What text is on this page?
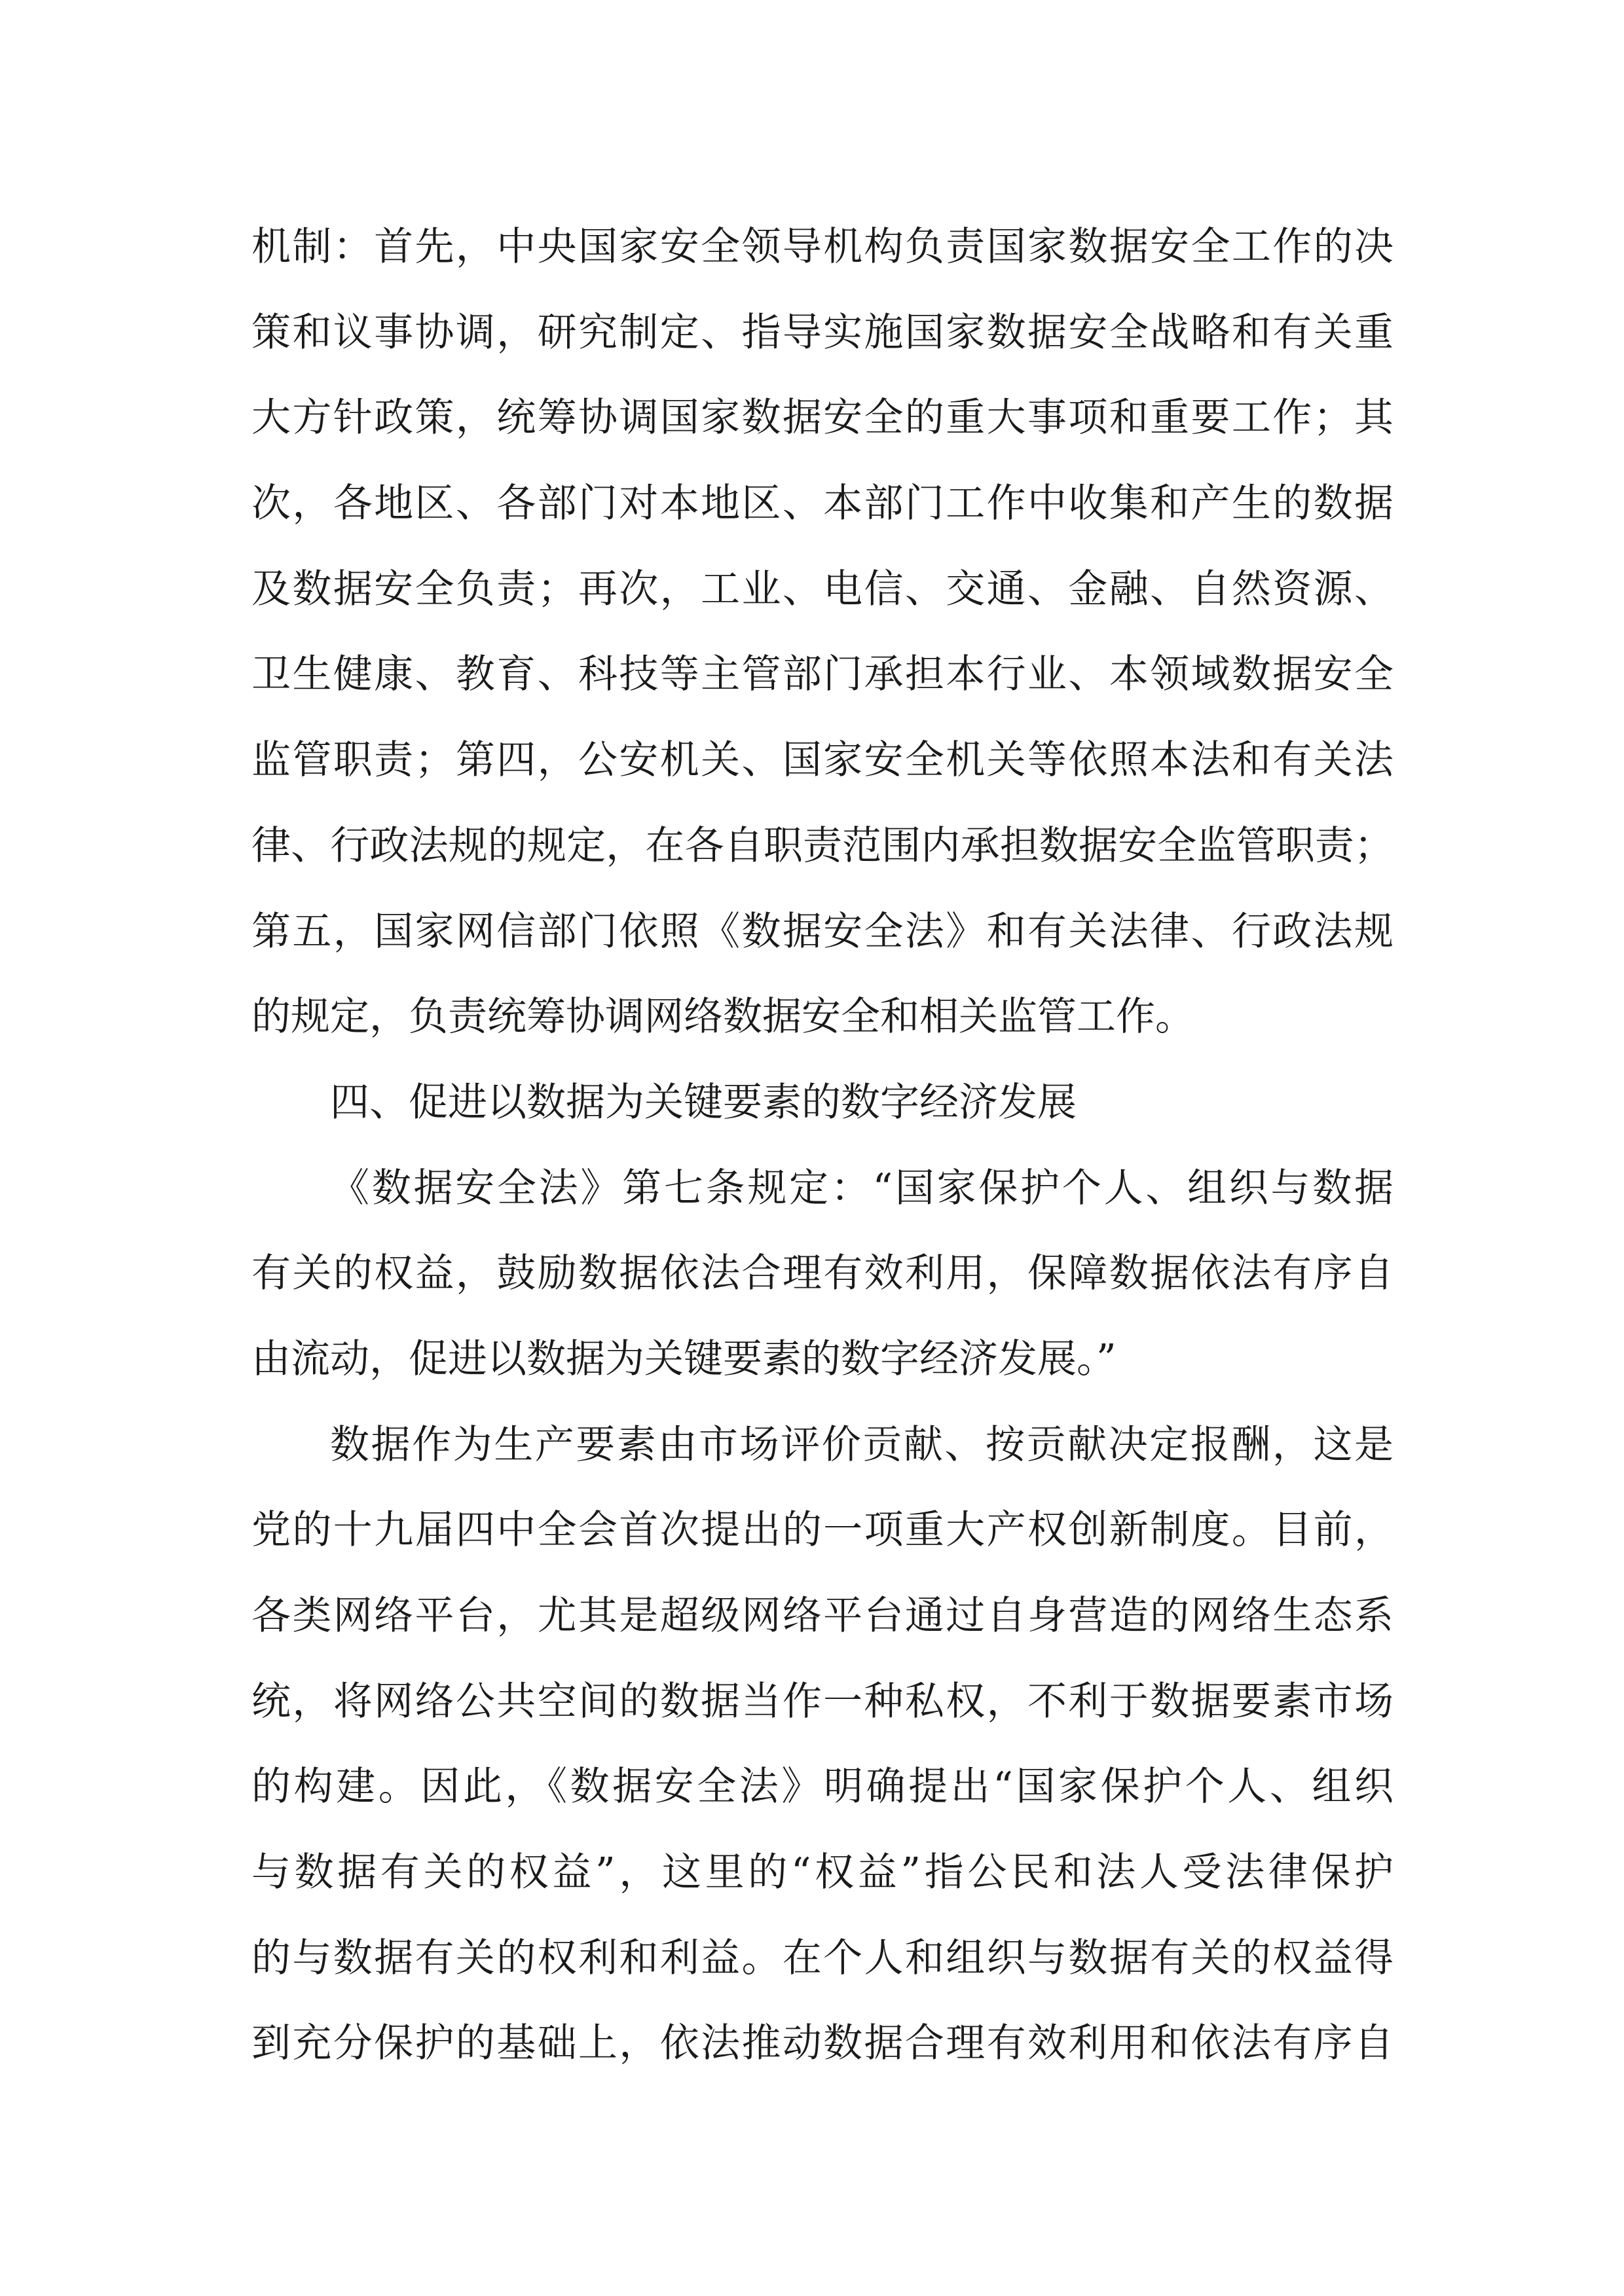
机制：首先，中央国家安全领导机构负责国家数据安全工作的决
策和议事协调，研究制定、指导实施国家数据安全战略和有关重
大方针政策，统筹协调国家数据安全的重大事项和重要工作；其
次，各地区、各部门对本地区、本部门工作中收集和产生的数据
及数据安全负责；再次，工业、电信、交通、金融、自然资源、
卫生健康、教育、科技等主管部门承担本行业、本领域数据安全
监管职责；第四，公安机关、国家安全机关等依照本法和有关法
律、行政法规的规定，在各自职责范围内承担数据安全监管职责；
第五，国家网信部门依照《数据安全法》和有关法律、行政法规
的规定，负责统筹协调网络数据安全和相关监管工作。
四、促进以数据为关键要素的数字经济发展
《数据安全法》第七条规定：“国家保护个人、组织与数据
有关的权益，鼓励数据依法合理有效利用，保障数据依法有序自
由流动，促进以数据为关键要素的数字经济发展。”
数据作为生产要素由市场评价贡献、按贡献决定报酬，这是
党的十九届四中全会首次提出的一项重大产权创新制度。目前，
各类网络平台，尤其是超级网络平台通过自身营造的网络生态系
统，将网络公共空间的数据当作一种私权，不利于数据要素市场
的构建。因此，《数据安全法》明确提出“国家保护个人、组织
与数据有关的权益”，这里的“权益”指公民和法人受法律保护
的与数据有关的权利和利益。在个人和组织与数据有关的权益得
到充分保护的基础上，依法推动数据合理有效利用和依法有序自
